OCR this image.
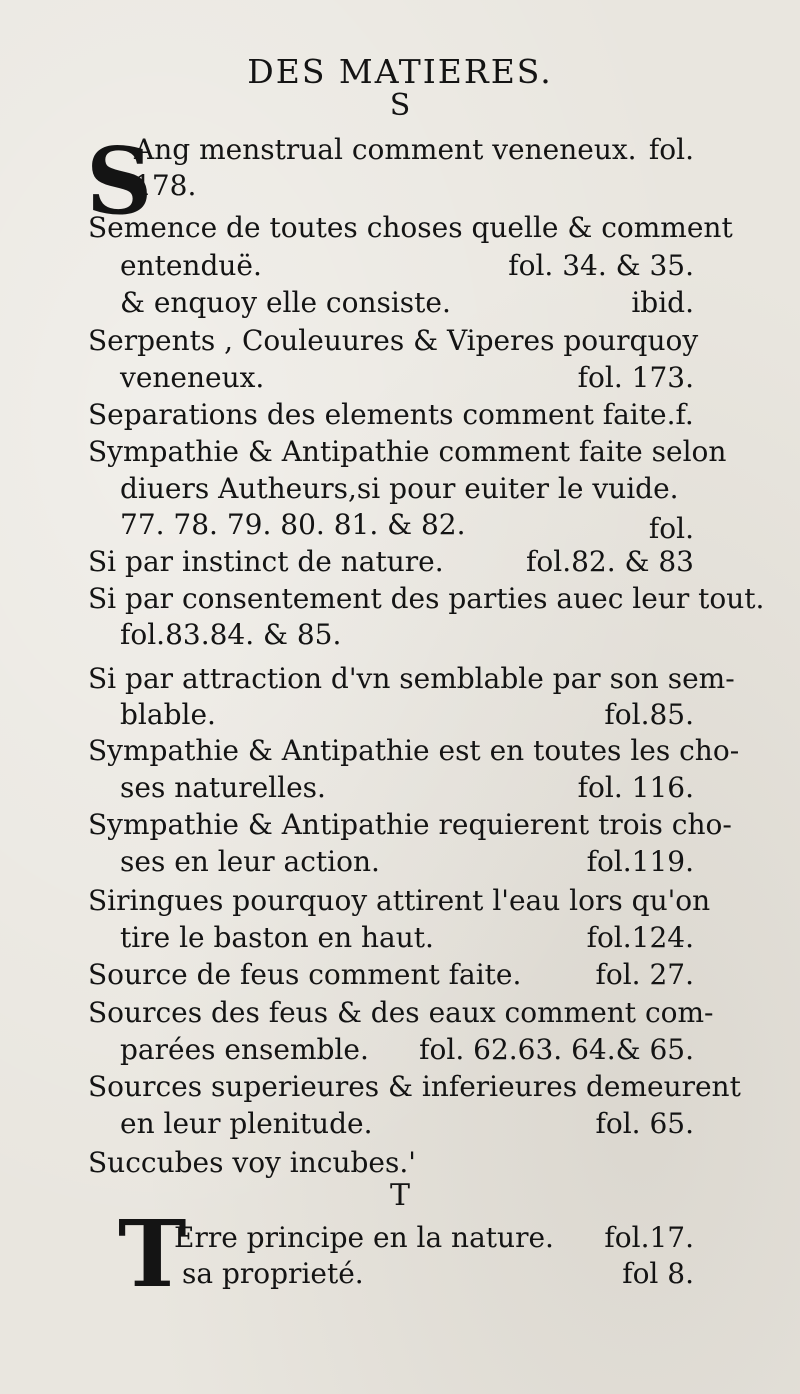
DES MATIERES.
S
S
Ang menstrual comment veneneux. fol.
178.
Semence de toutes choses quelle & comment
entenduë.	fol. 34. & 35.
& enquoy elle consiste.	ibid.
Serpents , Couleuures & Viperes pourquoy
veneneux.	fol. 173.
Separations des elements comment faite.f.
Sympathie & Antipathie comment faite selon
diuers Autheurs,si pour euiter le vuide.
fol.
77. 78. 79. 80. 81. & 82.
Si par instinct de nature.	fol.82. & 83
Si par consentement des parties auec leur tout.
fol.83.84. & 85.
Si par attraction d'vn semblable par son sem-
blable.	fol.85.
Sympathie & Antipathie est en toutes les cho-
ses naturelles.	fol. 116.
Sympathie & Antipathie requierent trois cho-
ses en leur action.	fol.119.
Siringues pourquoy attirent l'eau lors qu'on
tire le baston en haut.	fol.124.
Source de feus comment faite.	fol. 27.
Sources des feus & des eaux comment com-
parées ensemble. fol. 62.63. 64.& 65.
Sources superieures & inferieures demeurent
en leur plenitude.	fol. 65.
Succubes voy incubes.'
T
T
Erre principe en la nature. fol.17.
sa proprieté.	fol 8.
